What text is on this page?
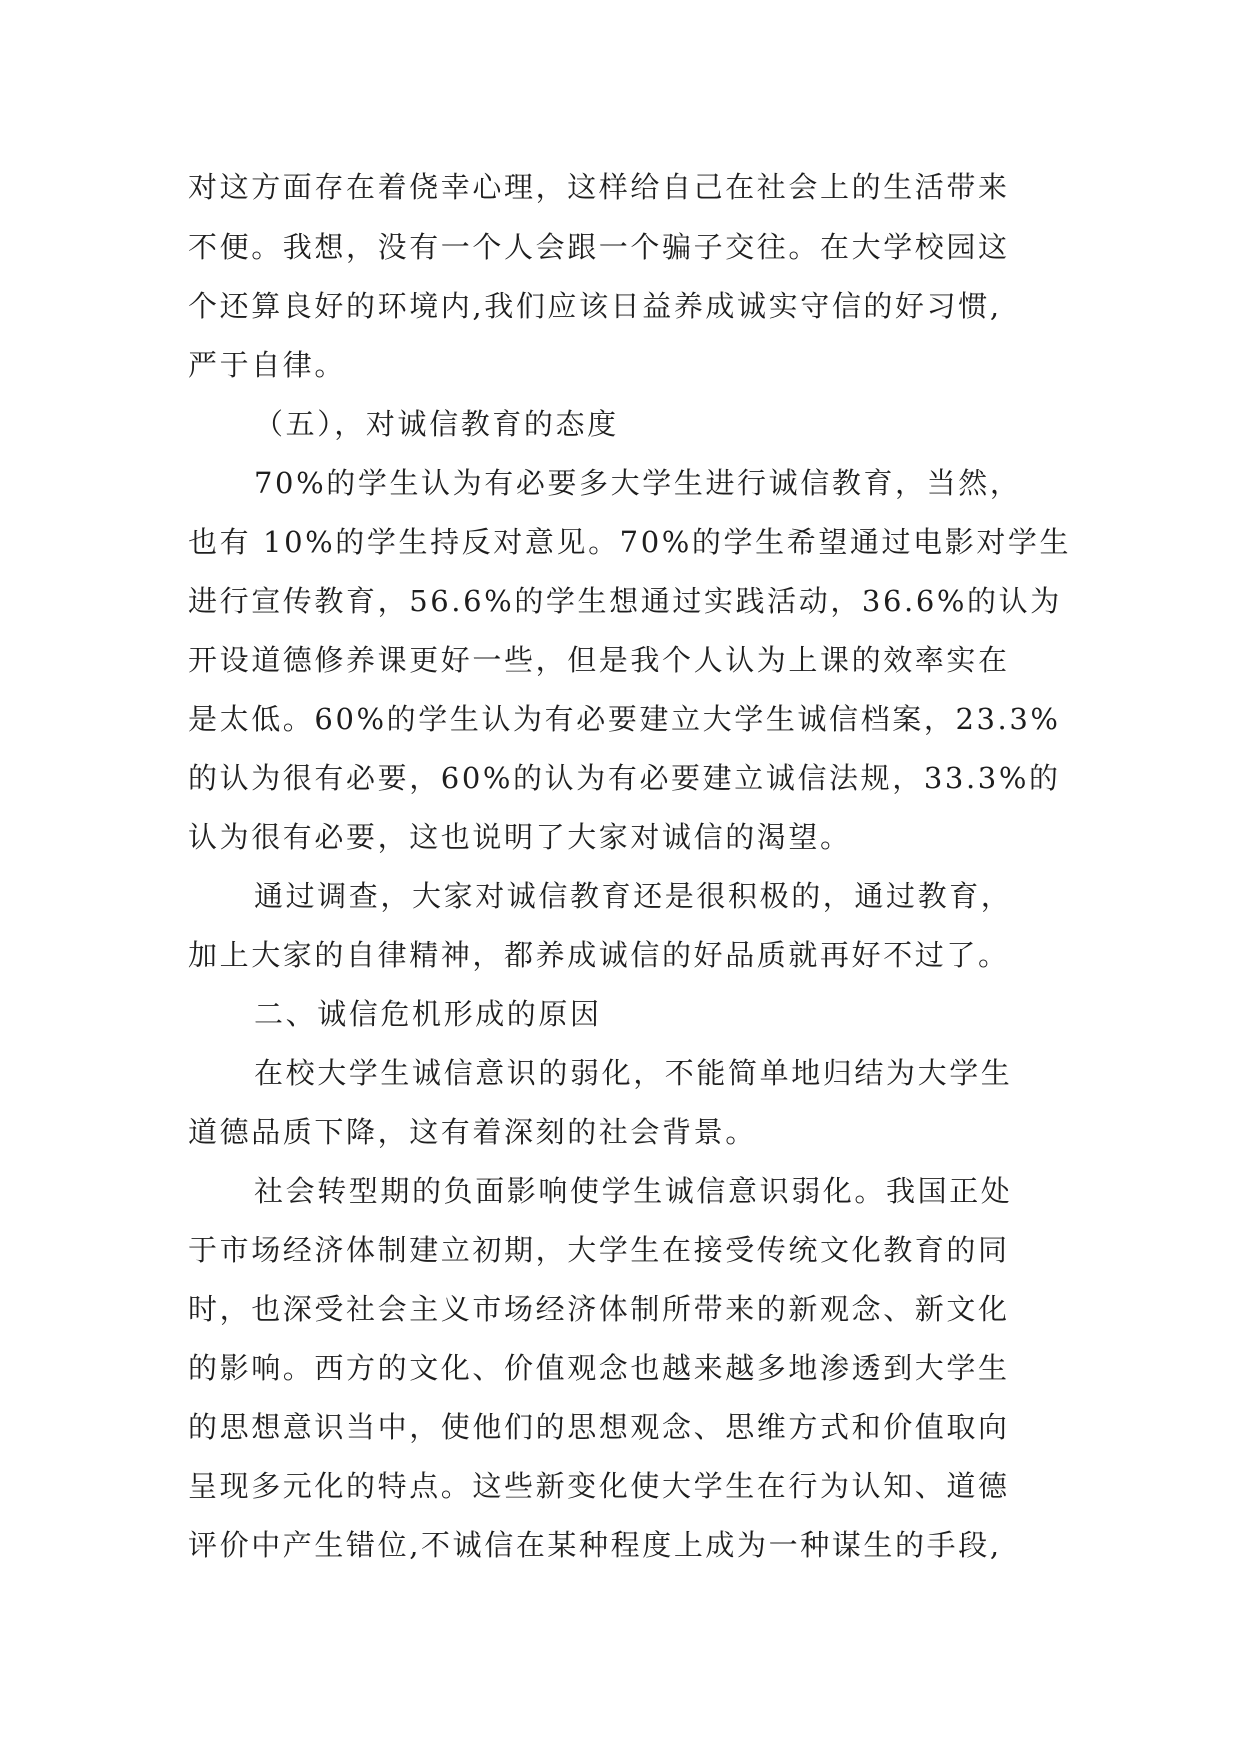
对这方面存在着侥幸心理，这样给自己在社会上的生活带来

不便。我想，没有一个人会跟一个骗子交往。在大学校园这

个还算良好的环境内,我们应该日益养成诚实守信的好习惯,

严于自律。

（五），对诚信教育的态度

70%的学生认为有必要多大学生进行诚信教育，当然，

也有 10%的学生持反对意见。70%的学生希望通过电影对学生

进行宣传教育，56.6%的学生想通过实践活动，36.6%的认为

开设道德修养课更好一些，但是我个人认为上课的效率实在

是太低。60%的学生认为有必要建立大学生诚信档案，23.3%

的认为很有必要，60%的认为有必要建立诚信法规，33.3%的

认为很有必要，这也说明了大家对诚信的渴望。

通过调查，大家对诚信教育还是很积极的，通过教育，

加上大家的自律精神，都养成诚信的好品质就再好不过了。

二、诚信危机形成的原因

在校大学生诚信意识的弱化，不能简单地归结为大学生

道德品质下降，这有着深刻的社会背景。

社会转型期的负面影响使学生诚信意识弱化。我国正处

于市场经济体制建立初期，大学生在接受传统文化教育的同

时，也深受社会主义市场经济体制所带来的新观念、新文化

的影响。西方的文化、价值观念也越来越多地渗透到大学生

的思想意识当中，使他们的思想观念、思维方式和价值取向

呈现多元化的特点。这些新变化使大学生在行为认知、道德

评价中产生错位,不诚信在某种程度上成为一种谋生的手段,
